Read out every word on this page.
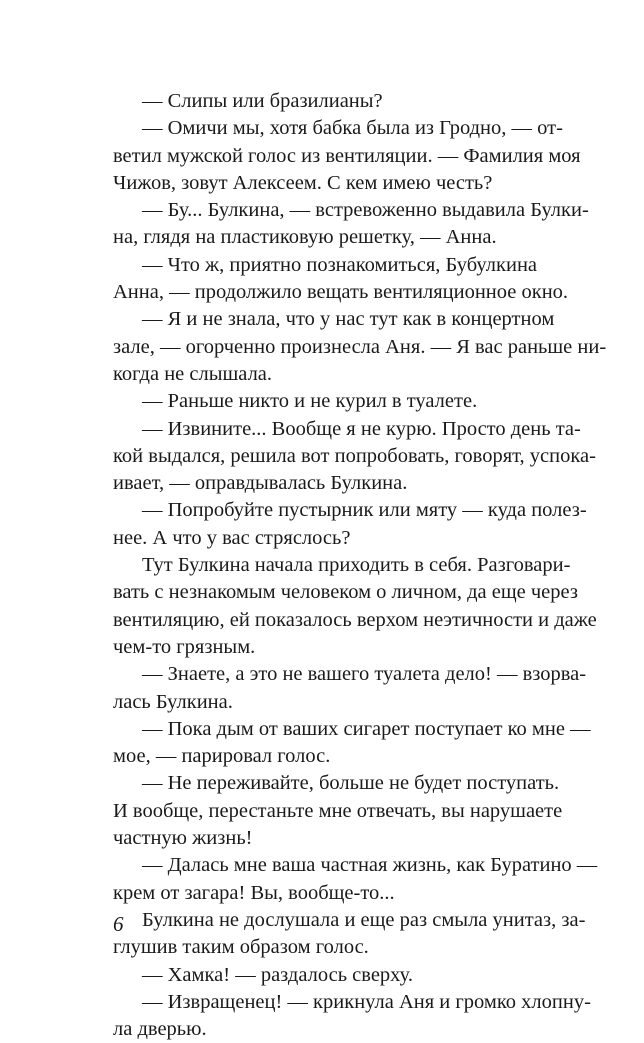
— Слипы или бразилианы?
— Омичи мы, хотя бабка была из Гродно, — от-
ветил мужской голос из вентиляции. — Фамилия моя
Чижов, зовут Алексеем. С кем имею честь?
— Бу... Булкина, — встревоженно выдавила Булки-
на, глядя на пластиковую решетку, — Анна.
— Что ж, приятно познакомиться, Бубулкина
Анна, — продолжило вещать вентиляционное окно.
— Я и не знала, что у нас тут как в концертном
зале, — огорченно произнесла Аня. — Я вас раньше ни-
когда не слышала.
— Раньше никто и не курил в туалете.
— Извините... Вообще я не курю. Просто день та-
кой выдался, решила вот попробовать, говорят, успока-
ивает, — оправдывалась Булкина.
— Попробуйте пустырник или мяту — куда полез-
нее. А что у вас стряслось?
Тут Булкина начала приходить в себя. Разговари-
вать с незнакомым человеком о личном, да еще через
вентиляцию, ей показалось верхом неэтичности и даже
чем-то грязным.
— Знаете, а это не вашего туалета дело! — взорва-
лась Булкина.
— Пока дым от ваших сигарет поступает ко мне —
мое, — парировал голос.
— Не переживайте, больше не будет поступать.
И вообще, перестаньте мне отвечать, вы нарушаете
частную жизнь!
— Далась мне ваша частная жизнь, как Буратино —
крем от загара! Вы, вообще-то...
Булкина не дослушала и еще раз смыла унитаз, за-
глушив таким образом голос.
— Хамка! — раздалось сверху.
— Извращенец! — крикнула Аня и громко хлопну-
ла дверью.
6
